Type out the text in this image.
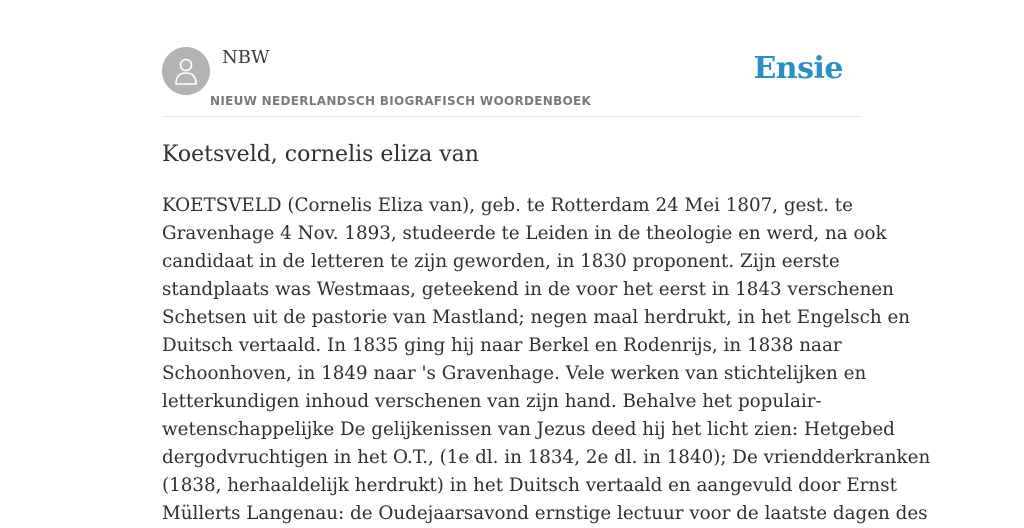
NBW
NIEUW NEDERLANDSCH BIOGRAFISCH WOORDENBOEK
Ensie
Koetsveld, cornelis eliza van
KOETSVELD (Cornelis Eliza van), geb. te Rotterdam 24 Mei 1807, gest. te
Gravenhage 4 Nov. 1893, studeerde te Leiden in de theologie en werd, na ook
candidaat in de letteren te zijn geworden, in 1830 proponent. Zijn eerste
standplaats was Westmaas, geteekend in de voor het eerst in 1843 verschenen
Schetsen uit de pastorie van Mastland; negen maal herdrukt, in het Engelsch en
Duitsch vertaald. In 1835 ging hij naar Berkel en Rodenrijs, in 1838 naar
Schoonhoven, in 1849 naar 's Gravenhage. Vele werken van stichtelijken en
letterkundigen inhoud verschenen van zijn hand. Behalve het populair-
wetenschappelijke De gelijkenissen van Jezus deed hij het licht zien: Hetgebed
dergodvruchtigen in het O.T., (1e dl. in 1834, 2e dl. in 1840); De vriendderkranken
(1838, herhaaldelijk herdrukt) in het Duitsch vertaald en aangevuld door Ernst
Müllerts Langenau: de Oudejaarsavond ernstige lectuur voor de laatste dagen des
